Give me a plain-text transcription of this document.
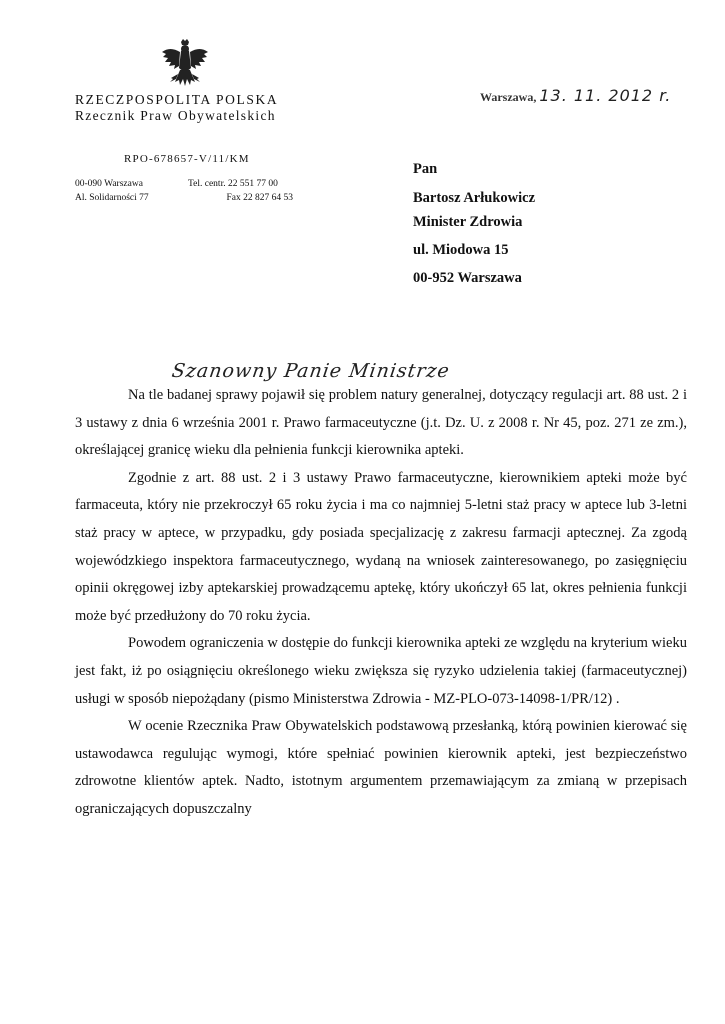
RZECZPOSPOLITA POLSKA
Rzecznik Praw Obywatelskich
RPO-678657-V/11/KM
00-090 Warszawa
Al. Solidarności 77
Tel. centr. 22 551 77 00
Fax 22 827 64 53
Warszawa, 13. 11. 2012 r.
Pan
Bartosz Arłukowicz
Minister Zdrowia
ul. Miodowa 15
00-952 Warszawa
Szanowny Panie Ministrze

Na tle badanej sprawy pojawił się problem natury generalnej, dotyczący regulacji art. 88 ust. 2 i 3 ustawy z dnia 6 września 2001 r. Prawo farmaceutyczne (j.t. Dz. U. z 2008 r. Nr 45, poz. 271 ze zm.), określającej granicę wieku dla pełnienia funkcji kierownika apteki.

Zgodnie z art. 88 ust. 2 i 3 ustawy Prawo farmaceutyczne, kierownikiem apteki może być farmaceuta, który nie przekroczył 65 roku życia i ma co najmniej 5-letni staż pracy w aptece lub 3-letni staż pracy w aptece, w przypadku, gdy posiada specjalizację z zakresu farmacji aptecznej. Za zgodą wojewódzkiego inspektora farmaceutycznego, wydaną na wniosek zainteresowanego, po zasięgnięciu opinii okręgowej izby aptekarskiej prowadzącemu aptekę, który ukończył 65 lat, okres pełnienia funkcji może być przedłużony do 70 roku życia.

Powodem ograniczenia w dostępie do funkcji kierownika apteki ze względu na kryterium wieku jest fakt, iż po osiągnięciu określonego wieku zwiększa się ryzyko udzielenia takiej (farmaceutycznej) usługi w sposób niepożądany (pismo Ministerstwa Zdrowia - MZ-PLO-073-14098-1/PR/12) .

W ocenie Rzecznika Praw Obywatelskich podstawową przesłanką, którą powinien kierować się ustawodawca regulując wymogi, które spełniać powinien kierownik apteki, jest bezpieczeństwo zdrowotne klientów aptek. Nadto, istotnym argumentem przemawiającym za zmianą w przepisach ograniczających dopuszczalny
